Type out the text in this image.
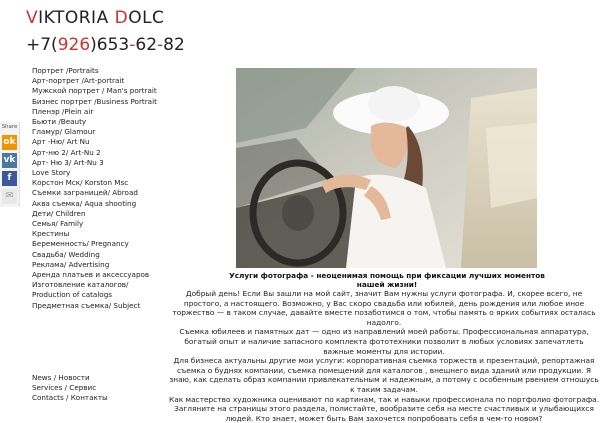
VIKTORIA DOLC
+7(926)653-62-82
Share
ok
vk
f
✉
Портрет /Portraits
Арт-портрет /Art-portrait
Мужской портрет / Man's portrait
Бизнес портрет /Business Portrait
Пленэр /Plein air
Бьюти /Beauty
Гламур/ Glamour
Арт -Ню/ Art Nu
Арт-ню 2/ Art-Nu 2
Арт- Ню 3/ Art-Nu 3
Love Story
Корстон Мск/ Korston Msc
Съемки заграницей/ Abroad
Аква съемка/ Aqua shooting
Дети/ Children
Семья/ Family
Крестины
Беременность/ Pregnancy
Свадьба/ Wedding
Реклама/ Advertising
Аренда платьев и аксессуаров
Изготовление каталогов/ Production of catalogs
Предметная съемка/ Subject
News / Новости
Services / Сервис
Contacts / Контакты
Услуги фотографа - неоценимая помощь при фиксации лучших моментов нашей жизни!

Добрый день! Если Вы зашли на мой сайт, значит Вам нужны услуги фотографа. И, скорее всего, не простого, а настоящего. Возможно, у Вас скоро свадьба или юбилей, день рождения или любое иное торжество — в таком случае, давайте вместе позаботимся о том, чтобы память о ярких событиях осталась надолго.

Съемка юбилеев и памятных дат — одно из направлений моей работы. Профессиональная аппаратура, богатый опыт и наличие запасного комплекта фототехники позволит в любых условиях запечатлеть важные моменты для истории.

Для бизнеса актуальны другие мои услуги: корпоративная съемка торжеств и презентаций, репортажная съемка о буднях компании, съемка помещений для каталогов , внешнего вида зданий или продукции. Я знаю, как сделать образ компании привлекательным и надежным, а потому с особенным рвением отношусь к таким задачам.

Как мастерство художника оценивают по картинам, так и навыки профессионала по портфолио фотографа. Загляните на страницы этого раздела, полистайте, вообразите себя на месте счастливых и улыбающихся людей. Кто знает, может быть Вам захочется попробовать себя в чем-то новом?
